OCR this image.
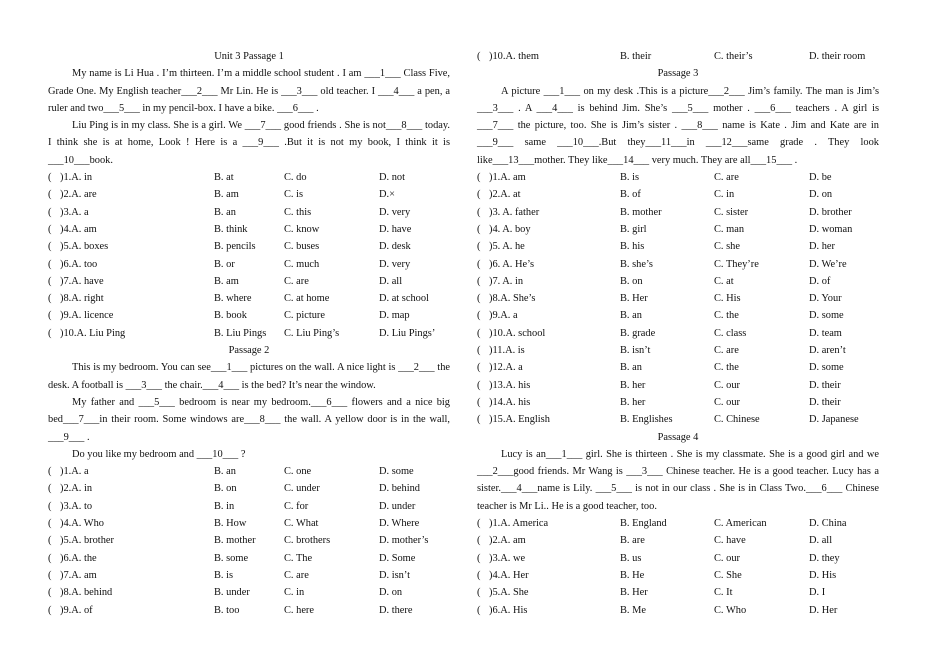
Unit 3 Passage 1

My name is Li Hua . I’m thirteen. I’m a middle school student . I am ___1___ Class Five, Grade One. My English teacher___2___ Mr Lin. He is ___3___ old teacher. I ___4___ a pen, a ruler and two___5___ in my pencil-box. I have a bike. ___6___ .

Liu Ping is in my class. She is a girl. We ___7___ good friends . She is not___8___ today. I think she is at home, Look ! Here is a ___9___ .But it is not my book, I think it is ___10___book.

( )1.A. in	B. at	C. do	D. not
( )2.A. are	B. am	C. is	D.×
( )3.A. a	B. an	C. this	D. very
( )4.A. am	B. think	C. know	D. have
( )5.A. boxes	B. pencils	C. buses	D. desk
( )6.A. too	B. or	C. much	D. very
( )7.A. have	B. am	C. are	D. all
( )8.A. right	B. where	C. at home	D. at school
( )9.A. licence	B. book	C. picture	D. map
( )10.A. Liu Ping	B. Liu Pings C. Liu Ping’s	D. Liu Pings’
Passage 2

This is my bedroom. You can see___1___ pictures on the wall. A nice light is ___2___ the desk. A football is ___3___ the chair.___4___ is the bed? It’s near the window.

My father and ___5___ bedroom is near my bedroom.___6___ flowers and a nice big bed___7___in their room. Some windows are___8___ the wall. A yellow door is in the wall, ___9___ .

Do you like my bedroom and ___10___ ?

( )1.A. a	B. an	C. one	D. some
( )2.A. in	B. on	C. under	D. behind
( )3.A. to	B. in	C. for	D. under
( )4.A. Who	B. How	C. What	D. Where
( )5.A. brother	B. mother	C. brothers	D. mother’s
( )6.A. the	B. some	C. The	D. Some
( )7.A. am	B. is	C. are	D. isn’t
( )8.A. behind	B. under	C. in	D. on
( )9.A. of	B. too	C. here	D. there
( )10.A. them	B. their	C. their’s	D. their room
Passage 3

A picture ___1___ on my desk .This is a picture___2___ Jim’s family. The man is Jim’s ___3___ . A ___4___ is behind Jim. She’s ___5___ mother . ___6___ teachers . A girl is ___7___ the picture, too. She is Jim’s sister . ___8___ name is Kate . Jim and Kate are in ___9___ same ___10___.But they___11___in ___12___same grade . They look like___13___mother. They like___14___ very much. They are all___15___ .

( )1.A. am	B. is	C. are	D. be
( )2.A. at	B. of	C. in	D. on
( )3. A. father	B. mother	C. sister	D. brother
( )4. A. boy	B. girl	C. man	D. woman
( )5. A. he	B. his	C. she	D. her
( )6. A. He’s	B. she’s	C. They’re	D. We’re
( )7. A. in	B. on	C. at	D. of
( )8.A. She’s	B. Her	C. His	D. Your
( )9.A. a	B. an	C. the	D. some
( )10.A. school	B. grade	C. class	D. team
( )11.A. is	B. isn’t	C. are	D. aren’t
( )12.A. a	B. an	C. the	D. some
( )13.A. his	B. her	C. our	D. their
( )14.A. his	B. her	C. our	D. their
( )15.A. English	B. Englishes	C. Chinese	D. Japanese
Passage 4

Lucy is an___1___ girl. She is thirteen . She is my classmate. She is a good girl and we ___2___good friends. Mr Wang is ___3___ Chinese teacher. He is a good teacher. Lucy has a sister.___4___name is Lily. ___5___ is not in our class . She is in Class Two.___6___ Chinese teacher is Mr Li.. He is a good teacher, too.

( )1.A. America	B. England	C. American	D. China
( )2.A. am	B. are	C. have	D. all
( )3.A. we	B. us	C. our	D. they
( )4.A. Her	B. He	C. She	D. His
( )5.A. She	B. Her	C. It	D. I
( )6.A. His	B. Me	C. Who	D. Her
